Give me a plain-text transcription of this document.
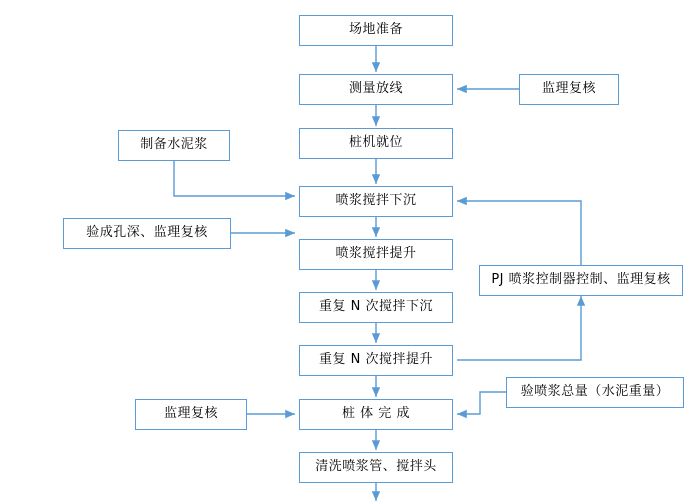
场地准备
测量放线	监理复核
桩机就位
制备水泥浆
喷浆搅拌下沉
验成孔深、监理复核
喷浆搅拌提升
PJ 喷浆控制器控制、监理复核
重复 N 次搅拌下沉
重复 N 次搅拌提升
验喷浆总量（水泥重量）
桩 体 完 成
监理复核
清洗喷浆管、搅拌头
